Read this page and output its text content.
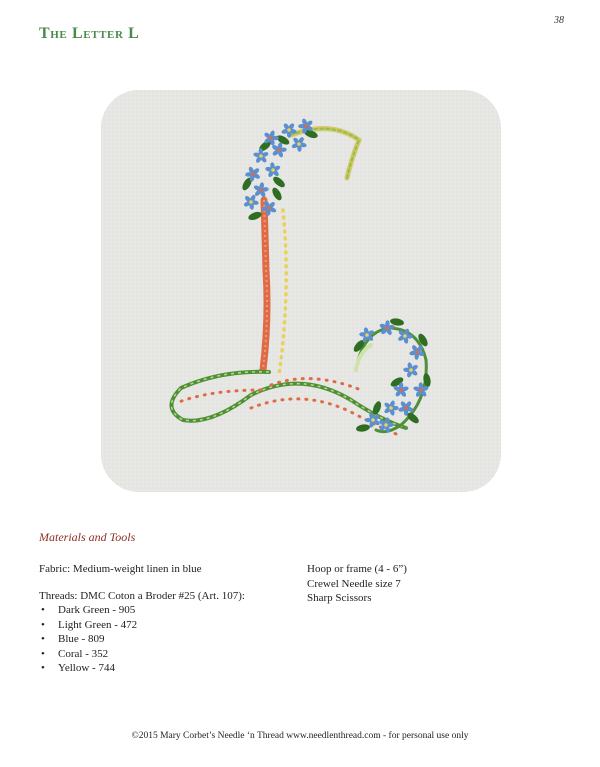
38
The Letter L
Materials and Tools
Fabric: Medium-weight linen in blue
Threads: DMC Coton a Broder #25 (Art. 107):
• Dark Green - 905
• Light Green - 472
• Blue - 809
• Coral - 352
• Yellow - 744
Hoop or frame (4 - 6”)
Crewel Needle size 7
Sharp Scissors
©2015 Mary Corbet’s Needle ‘n Thread www.needlenthread.com - for personal use only
